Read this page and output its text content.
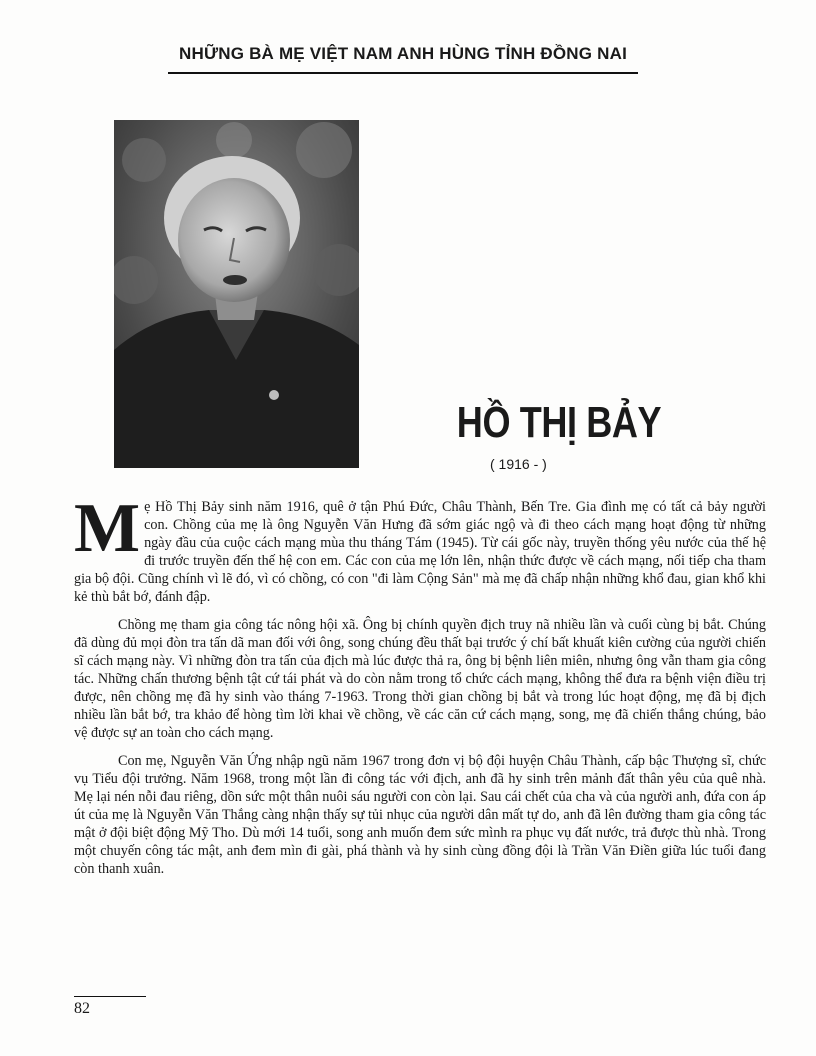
NHỮNG BÀ MẸ VIỆT NAM ANH HÙNG TỈNH ĐỒNG NAI
HỒ THỊ BẢY
( 1916 - )

Mẹ Hồ Thị Bảy sinh năm 1916, quê ở tận Phú Đức, Châu Thành, Bến Tre. Gia đình mẹ có tất cả bảy người con. Chồng của mẹ là ông Nguyễn Văn Hưng đã sớm giác ngộ và đi theo cách mạng hoạt động từ những ngày đầu của cuộc cách mạng mùa thu tháng Tám (1945). Từ cái gốc này, truyền thống yêu nước của thế hệ đi trước truyền đến thế hệ con em. Các con của mẹ lớn lên, nhận thức được về cách mạng, nối tiếp cha tham gia bộ đội. Cũng chính vì lẽ đó, vì có chồng, có con "đi làm Cộng Sản" mà mẹ đã chấp nhận những khổ đau, gian khổ khi kẻ thù bắt bớ, đánh đập.

Chồng mẹ tham gia công tác nông hội xã. Ông bị chính quyền địch truy nã nhiều lần và cuối cùng bị bắt. Chúng đã dùng đủ mọi đòn tra tấn dã man đối với ông, song chúng đều thất bại trước ý chí bất khuất kiên cường của người chiến sĩ cách mạng này. Vì những đòn tra tấn của địch mà lúc được thả ra, ông bị bệnh liên miên, nhưng ông vẫn tham gia công tác. Những chấn thương bệnh tật cứ tái phát và do còn nằm trong tổ chức cách mạng, không thể đưa ra bệnh viện điều trị được, nên chồng mẹ đã hy sinh vào tháng 7-1963. Trong thời gian chồng bị bắt và trong lúc hoạt động, mẹ đã bị địch nhiều lần bắt bớ, tra khảo để hòng tìm lời khai về chồng, về các căn cứ cách mạng, song, mẹ đã chiến thắng chúng, bảo vệ được sự an toàn cho cách mạng.

Con mẹ, Nguyễn Văn Ứng nhập ngũ năm 1967 trong đơn vị bộ đội huyện Châu Thành, cấp bậc Thượng sĩ, chức vụ Tiểu đội trưởng. Năm 1968, trong một lần đi công tác với địch, anh đã hy sinh trên mảnh đất thân yêu của quê nhà. Mẹ lại nén nỗi đau riêng, dồn sức một thân nuôi sáu người con còn lại. Sau cái chết của cha và của người anh, đứa con áp út của mẹ là Nguyễn Văn Thắng càng nhận thấy sự tủi nhục của người dân mất tự do, anh đã lên đường tham gia công tác mật ở đội biệt động Mỹ Tho. Dù mới 14 tuổi, song anh muốn đem sức mình ra phục vụ đất nước, trả được thù nhà. Trong một chuyến công tác mật, anh đem mìn đi gài, phá thành và hy sinh cùng đồng đội là Trần Văn Điền giữa lúc tuổi đang còn thanh xuân.

82
